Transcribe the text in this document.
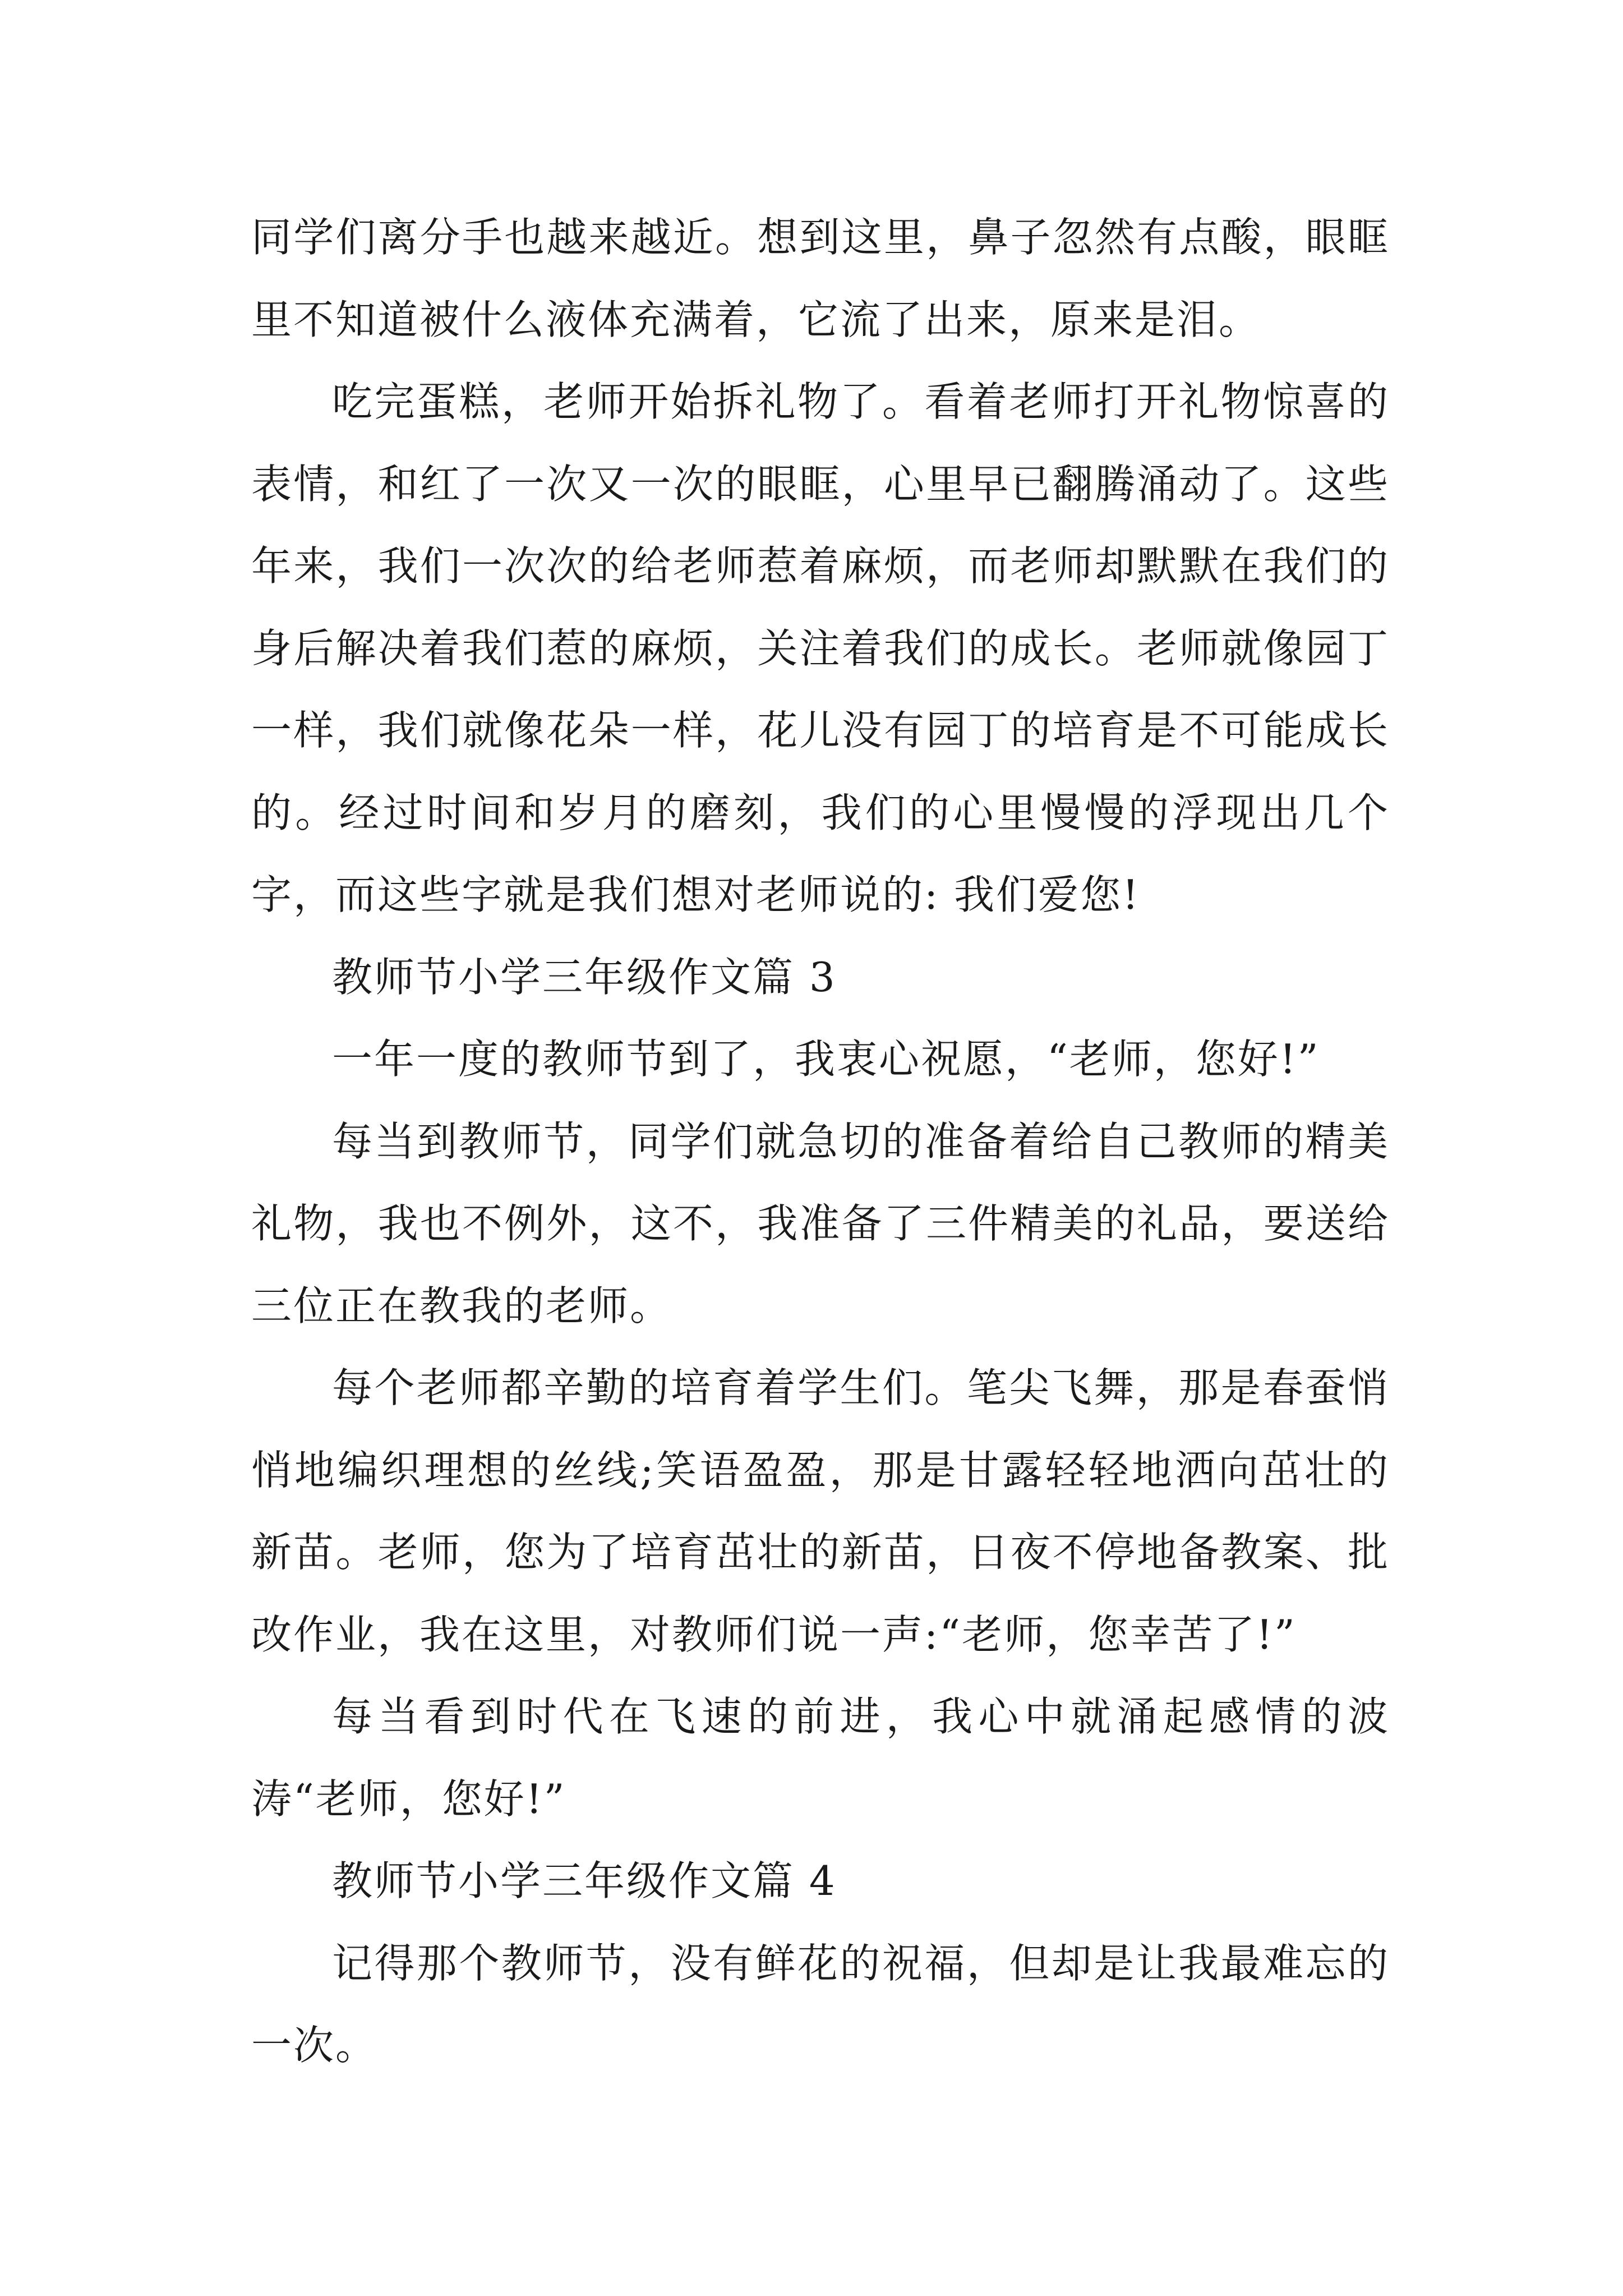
同学们离分手也越来越近。想到这里，鼻子忽然有点酸，眼眶里不知道被什么液体充满着，它流了出来，原来是泪。

吃完蛋糕，老师开始拆礼物了。看着老师打开礼物惊喜的表情，和红了一次又一次的眼眶，心里早已翻腾涌动了。这些年来，我们一次次的给老师惹着麻烦，而老师却默默在我们的身后解决着我们惹的麻烦，关注着我们的成长。老师就像园丁一样，我们就像花朵一样，花儿没有园丁的培育是不可能成长的。经过时间和岁月的磨刻，我们的心里慢慢的浮现出几个字，而这些字就是我们想对老师说的: 我们爱您!

教师节小学三年级作文篇 3

一年一度的教师节到了，我衷心祝愿，“老师，您好!”

每当到教师节，同学们就急切的准备着给自己教师的精美礼物，我也不例外，这不，我准备了三件精美的礼品，要送给三位正在教我的老师。

每个老师都辛勤的培育着学生们。笔尖飞舞，那是春蚕悄悄地编织理想的丝线;笑语盈盈，那是甘露轻轻地洒向茁壮的新苗。老师，您为了培育茁壮的新苗，日夜不停地备教案、批改作业，我在这里，对教师们说一声:“老师，您幸苦了!”

每当看到时代在飞速的前进，我心中就涌起感情的波涛“老师，您好!”

教师节小学三年级作文篇 4

记得那个教师节，没有鲜花的祝福，但却是让我最难忘的一次。
